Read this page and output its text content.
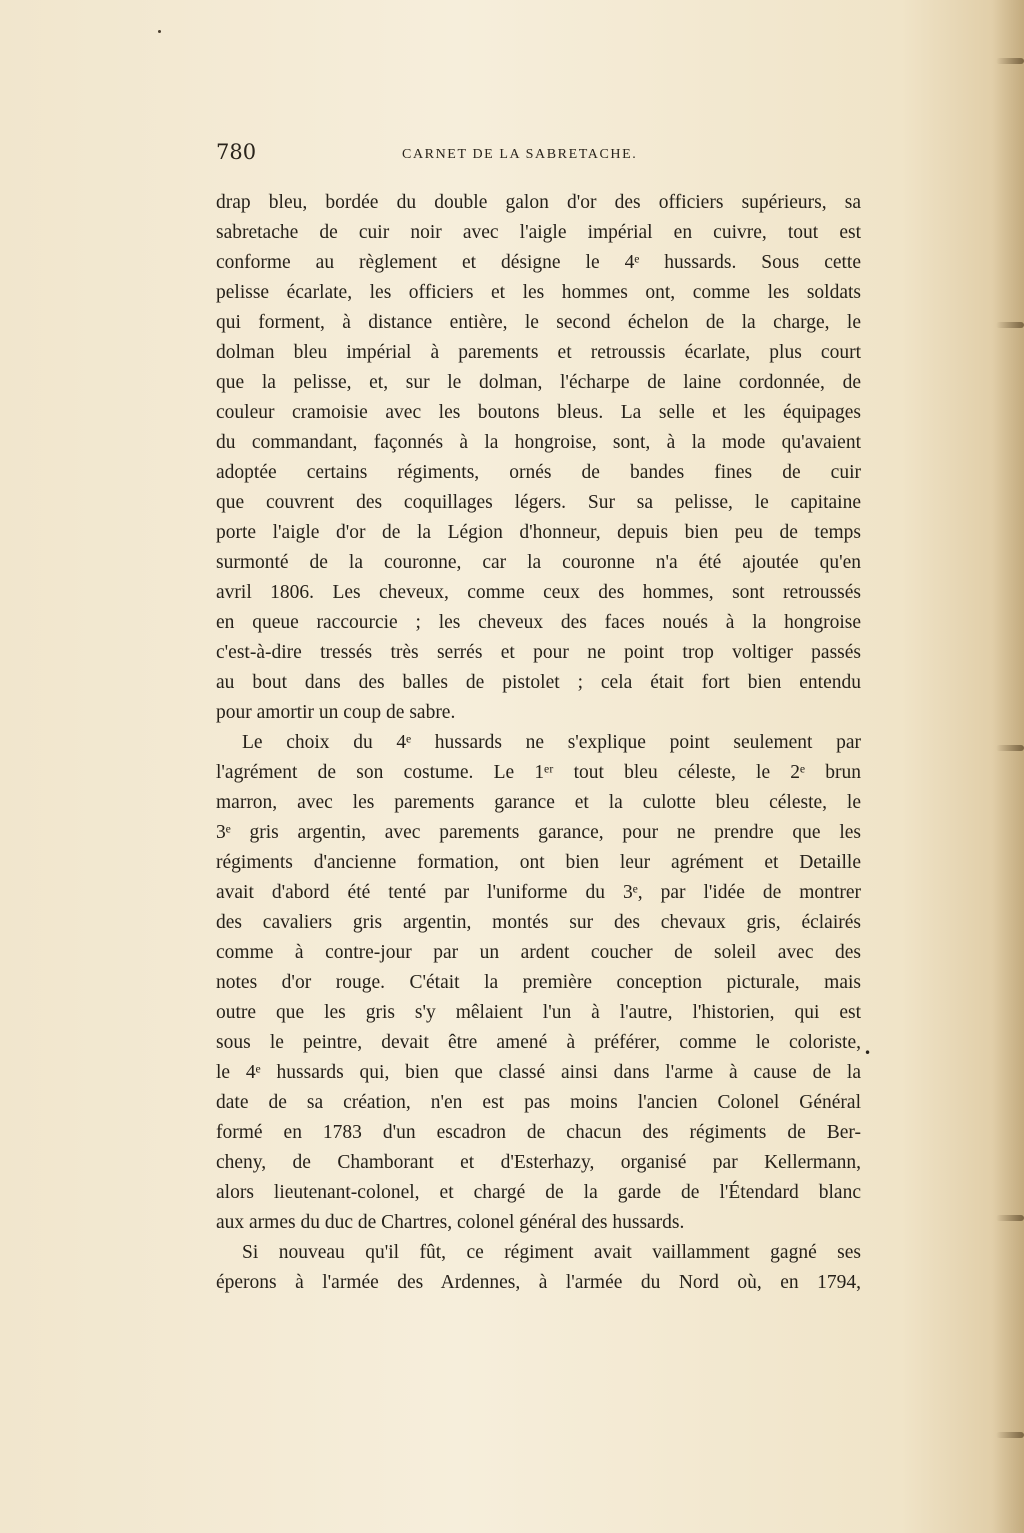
780	CARNET DE LA SABRETACHE.
drap bleu, bordée du double galon d'or des officiers supérieurs, sa
sabretache de cuir noir avec l'aigle impérial en cuivre, tout est
conforme au règlement et désigne le 4ᵉ hussards. Sous cette
pelisse écarlate, les officiers et les hommes ont, comme les soldats
qui forment, à distance entière, le second échelon de la charge, le
dolman bleu impérial à parements et retroussis écarlate, plus court
que la pelisse, et, sur le dolman, l'écharpe de laine cordonnée, de
couleur cramoisie avec les boutons bleus. La selle et les équipages
du commandant, façonnés à la hongroise, sont, à la mode qu'avaient
adoptée certains régiments, ornés de bandes fines de cuir
que couvrent des coquillages légers. Sur sa pelisse, le capitaine
porte l'aigle d'or de la Légion d'honneur, depuis bien peu de temps
surmonté de la couronne, car la couronne n'a été ajoutée qu'en
avril 1806. Les cheveux, comme ceux des hommes, sont retroussés
en queue raccourcie ; les cheveux des faces noués à la hongroise
c'est-à-dire tressés très serrés et pour ne point trop voltiger passés
au bout dans des balles de pistolet ; cela était fort bien entendu
pour amortir un coup de sabre.
Le choix du 4ᵉ hussards ne s'explique point seulement par
l'agrément de son costume. Le 1ᵉʳ tout bleu céleste, le 2ᵉ brun
marron, avec les parements garance et la culotte bleu céleste, le
3ᵉ gris argentin, avec parements garance, pour ne prendre que les
régiments d'ancienne formation, ont bien leur agrément et Detaille
avait d'abord été tenté par l'uniforme du 3ᵉ, par l'idée de montrer
des cavaliers gris argentin, montés sur des chevaux gris, éclairés
comme à contre-jour par un ardent coucher de soleil avec des
notes d'or rouge. C'était la première conception picturale, mais
outre que les gris s'y mêlaient l'un à l'autre, l'historien, qui est
sous le peintre, devait être amené à préférer, comme le coloriste,
le 4ᵉ hussards qui, bien que classé ainsi dans l'arme à cause de la
date de sa création, n'en est pas moins l'ancien Colonel Général
formé en 1783 d'un escadron de chacun des régiments de Ber-
cheny, de Chamborant et d'Esterhazy, organisé par Kellermann,
alors lieutenant-colonel, et chargé de la garde de l'Étendard blanc
aux armes du duc de Chartres, colonel général des hussards.
Si nouveau qu'il fût, ce régiment avait vaillamment gagné ses
éperons à l'armée des Ardennes, à l'armée du Nord où, en 1794,
•
